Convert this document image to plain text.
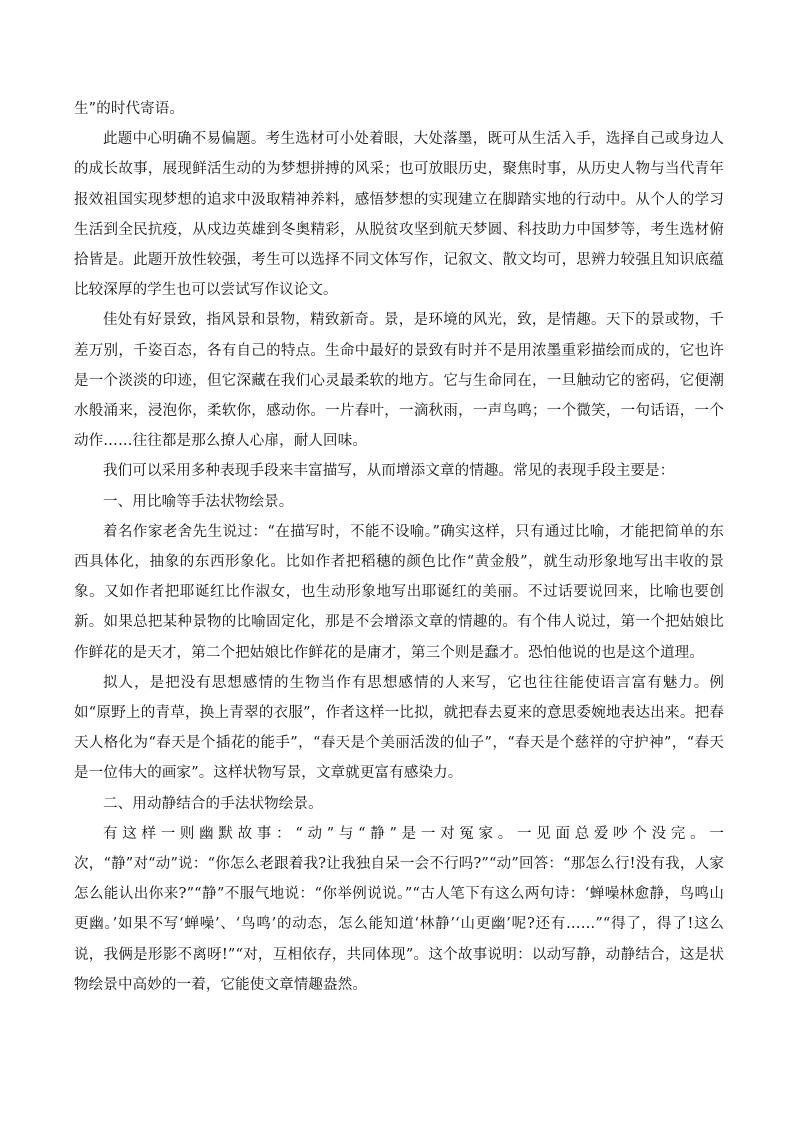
生”的时代寄语。

此题中心明确不易偏题。考生选材可小处着眼，大处落墨，既可从生活入手，选择自己或身边人的成长故事，展现鲜活生动的为梦想拼搏的风采；也可放眼历史，聚焦时事，从历史人物与当代青年报效祖国实现梦想的追求中汲取精神养料，感悟梦想的实现建立在脚踏实地的行动中。从个人的学习生活到全民抗疫，从戍边英雄到冬奥精彩，从脱贫攻坚到航天梦圆、科技助力中国梦等，考生选材俯拾皆是。此题开放性较强，考生可以选择不同文体写作，记叙文、散文均可，思辨力较强且知识底蕴比较深厚的学生也可以尝试写作议论文。

佳处有好景致，指风景和景物，精致新奇。景，是环境的风光，致，是情趣。天下的景或物，千差万别，千姿百态，各有自己的特点。生命中最好的景致有时并不是用浓墨重彩描绘而成的，它也许是一个淡淡的印迹，但它深藏在我们心灵最柔软的地方。它与生命同在，一旦触动它的密码，它便潮水般涌来，浸泡你，柔软你，感动你。一片春叶，一滴秋雨，一声鸟鸣；一个微笑，一句话语，一个动作……往往都是那么撩人心扉，耐人回味。

我们可以采用多种表现手段来丰富描写，从而增添文章的情趣。常见的表现手段主要是：

一、用比喻等手法状物绘景。

着名作家老舍先生说过：“在描写时，不能不设喻。”确实这样，只有通过比喻，才能把简单的东西具体化，抽象的东西形象化。比如作者把稻穗的颜色比作“黄金般”，就生动形象地写出丰收的景象。又如作者把耶诞红比作淑女，也生动形象地写出耶诞红的美丽。不过话要说回来，比喻也要创新。如果总把某种景物的比喻固定化，那是不会增添文章的情趣的。有个伟人说过，第一个把姑娘比作鲜花的是天才，第二个把姑娘比作鲜花的是庸才，第三个则是蠢才。恐怕他说的也是这个道理。

拟人，是把没有思想感情的生物当作有思想感情的人来写，它也往往能使语言富有魅力。例如“原野上的青草，换上青翠的衣服”，作者这样一比拟，就把春去夏来的意思委婉地表达出来。把春天人格化为“春天是个插花的能手”，“春天是个美丽活泼的仙子”，“春天是个慈祥的守护神”，“春天是一位伟大的画家”。这样状物写景，文章就更富有感染力。

二、用动静结合的手法状物绘景。

有这样一则幽默故事：“动”与“静”是一对冤家。一见面总爱吵个没完。一次，“静”对“动”说：“你怎么老跟着我?让我独自呆一会不行吗?”“动”回答：“那怎么行!没有我，人家怎么能认出你来?”“静”不服气地说：“你举例说说。”“古人笔下有这么两句诗：‘蝉噪林愈静，鸟鸣山更幽。’如果不写‘蝉噪’、‘鸟鸣’的动态，怎么能知道‘林静’‘山更幽’呢?还有……”“得了，得了!这么说，我俩是形影不离呀!”“对，互相依存，共同体现”。这个故事说明：以动写静，动静结合，这是状物绘景中高妙的一着，它能使文章情趣盎然。
